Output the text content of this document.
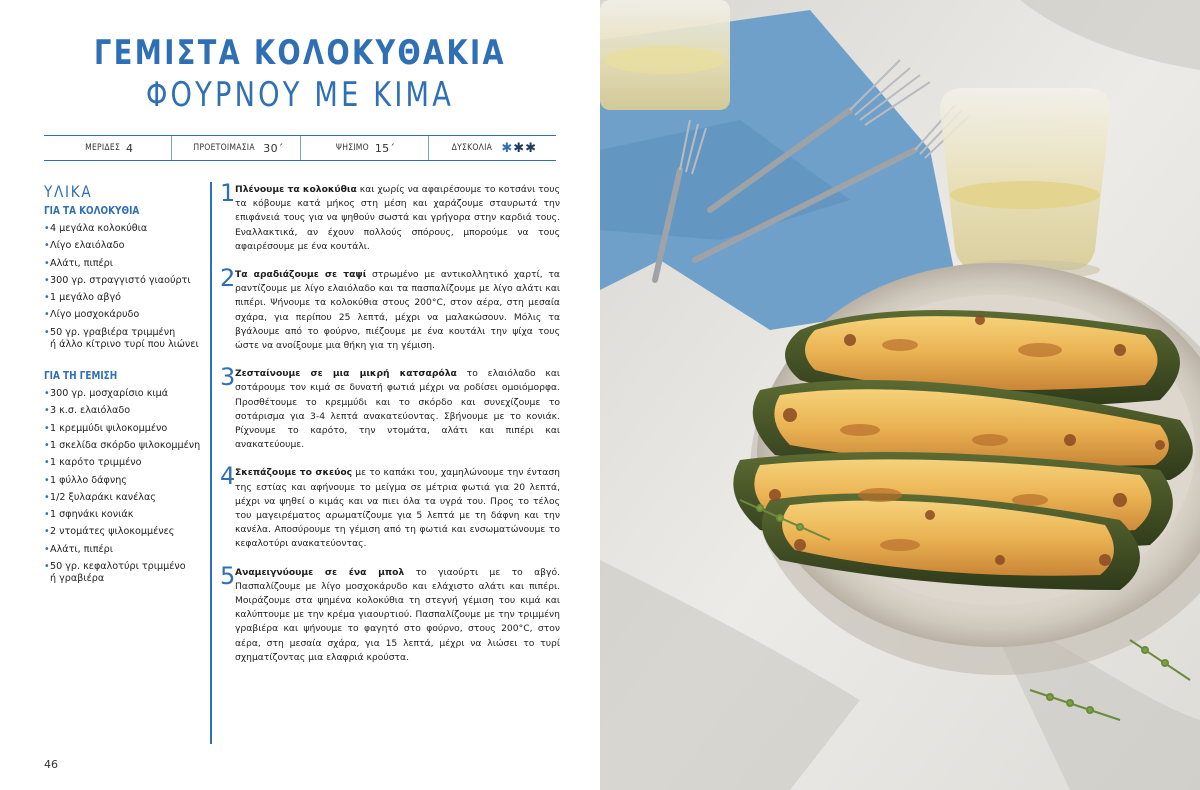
ΓΕΜΙΣΤΑ ΚΟΛΟΚΥΘΑΚΙΑ
ΦΟΥΡΝΟΥ ΜΕ ΚΙΜΑ
ΜΕΡΙΔΕΣ 4	ΠΡΟΕΤΟΙΜΑΣΙΑ 30΄	ΨΗΣΙΜΟ 15΄	ΔΥΣΚΟΛΙΑ ✱✱✱
ΥΛΙΚΑ
ΓΙΑ ΤΑ ΚΟΛΟΚΥΘΙΑ
• 4 μεγάλα κολοκύθια
• Λίγο ελαιόλαδο
• Αλάτι, πιπέρι
• 300 γρ. στραγγιστό γιαούρτι
• 1 μεγάλο αβγό
• Λίγο μοσχοκάρυδο
• 50 γρ. γραβιέρα τριμμένη
ή άλλο κίτρινο τυρί που λιώνει
ΓΙΑ ΤΗ ΓΕΜΙΣΗ
• 300 γρ. μοσχαρίσιο κιμά
• 3 κ.σ. ελαιόλαδο
• 1 κρεμμύδι ψιλοκομμένο
• 1 σκελίδα σκόρδο ψιλοκομμένη
• 1 καρότο τριμμένο
• 1 φύλλο δάφνης
• 1/2 ξυλαράκι κανέλας
• 1 σφηνάκι κονιάκ
• 2 ντομάτες ψιλοκομμένες
• Αλάτι, πιπέρι
• 50 γρ. κεφαλοτύρι τριμμένο
ή γραβιέρα
1 Πλένουμε τα κολοκύθια και χωρίς να αφαιρέσουμε το κοτσάνι τους τα κόβουμε κατά μήκος στη μέση και χαράζουμε σταυρωτά την επιφάνειά τους για να ψηθούν σωστά και γρήγορα στην καρδιά τους. Εναλλακτικά, αν έχουν πολλούς σπόρους, μπορούμε να τους αφαιρέσουμε με ένα κουτάλι.
2 Τα αραδιάζουμε σε ταψί στρωμένο με αντικολλητικό χαρτί, τα ραντίζουμε με λίγο ελαιόλαδο και τα πασπαλίζουμε με λίγο αλάτι και πιπέρι. Ψήνουμε τα κολοκύθια στους 200°C, στον αέρα, στη μεσαία σχάρα, για περίπου 25 λεπτά, μέχρι να μαλακώσουν. Μόλις τα βγάλουμε από το φούρνο, πιέζουμε με ένα κουτάλι την ψίχα τους ώστε να ανοίξουμε μια θήκη για τη γέμιση.
3 Ζεσταίνουμε σε μια μικρή κατσαρόλα το ελαιόλαδο και σοτάρουμε τον κιμά σε δυνατή φωτιά μέχρι να ροδίσει ομοιόμορφα. Προσθέτουμε το κρεμμύδι και το σκόρδο και συνεχίζουμε το σοτάρισμα για 3-4 λεπτά ανακατεύοντας. Σβήνουμε με το κονιάκ. Ρίχνουμε το καρότο, την ντομάτα, αλάτι και πιπέρι και ανακατεύουμε.
4 Σκεπάζουμε το σκεύος με το καπάκι του, χαμηλώνουμε την ένταση της εστίας και αφήνουμε το μείγμα σε μέτρια φωτιά για 20 λεπτά, μέχρι να ψηθεί ο κιμάς και να πιει όλα τα υγρά του. Προς το τέλος του μαγειρέματος αρωματίζουμε για 5 λεπτά με τη δάφνη και την κανέλα. Αποσύρουμε τη γέμιση από τη φωτιά και ενσωματώνουμε το κεφαλοτύρι ανακατεύοντας.
5 Αναμειγνύουμε σε ένα μπολ το γιαούρτι με το αβγό. Πασπαλίζουμε με λίγο μοσχοκάρυδο και ελάχιστο αλάτι και πιπέρι. Μοιράζουμε στα ψημένα κολοκύθια τη στεγνή γέμιση του κιμά και καλύπτουμε με την κρέμα γιαουρτιού. Πασπαλίζουμε με την τριμμένη γραβιέρα και ψήνουμε το φαγητό στο φούρνο, στους 200°C, στον αέρα, στη μεσαία σχάρα, για 15 λεπτά, μέχρι να λιώσει το τυρί σχηματίζοντας μια ελαφριά κρούστα.
46
